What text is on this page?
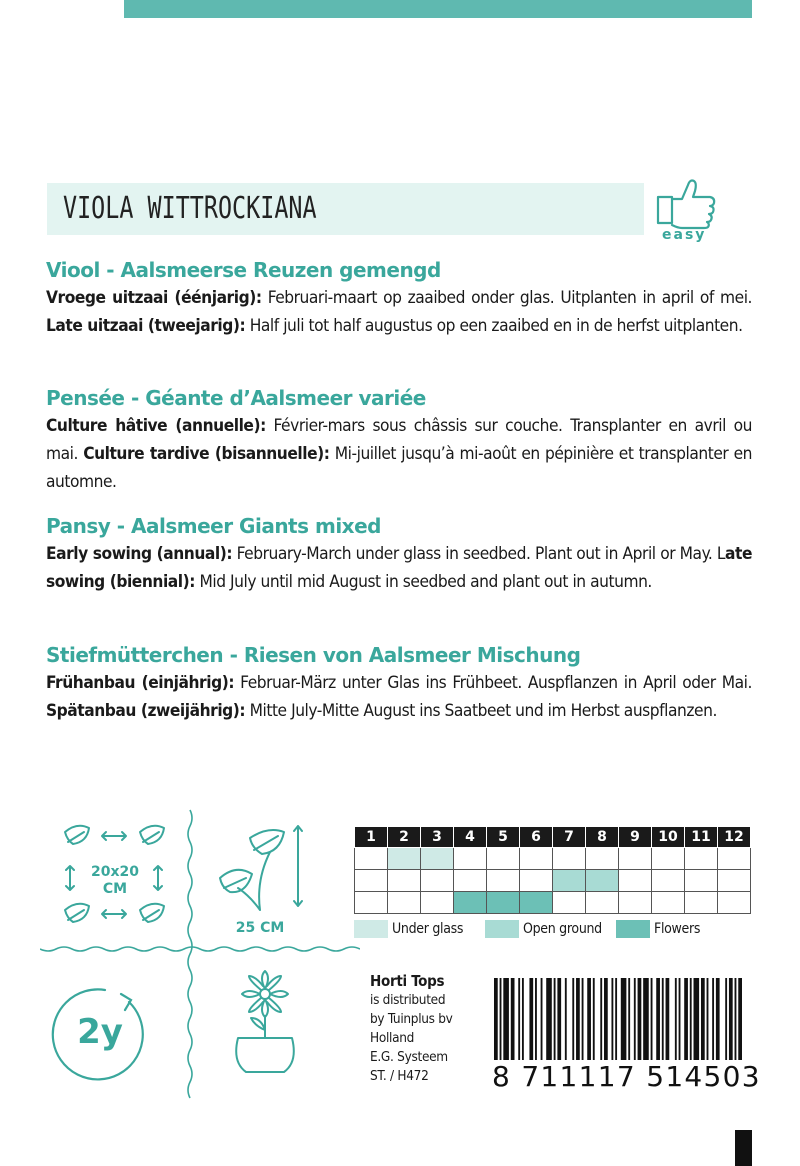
VIOLA WITTROCKIANA
easy
Viool - Aalsmeerse Reuzen gemengd

Vroege uitzaai (éénjarig): Februari-maart op zaaibed onder glas. Uitplanten in april of mei. Late uitzaai (tweejarig): Half juli tot half augustus op een zaaibed en in de herfst uitplanten.

Pensée - Géante d’Aalsmeer variée

Culture hâtive (annuelle): Février-mars sous châssis sur couche. Transplanter en avril ou mai. Culture tardive (bisannuelle): Mi-juillet jusqu’à mi-août en pépinière et transplanter en automne.

Pansy - Aalsmeer Giants mixed

Early sowing (annual): February-March under glass in seedbed. Plant out in April or May. Late sowing (biennial): Mid July until mid August in seedbed and plant out in autumn.

Stiefmütterchen - Riesen von Aalsmeer Mischung

Frühanbau (einjährig): Februar-März unter Glas ins Frühbeet. Auspflanzen in April oder Mai. Spätanbau (zweijährig): Mitte July-Mitte August ins Saatbeet und im Herbst auspflanzen.

20x20
CM
25 CM
2y
1	2	3	4	5	6	7	8	9	10	11	12

Under glass	Open ground	Flowers
Horti Tops
is distributed
by Tuinplus bv
Holland
E.G. Systeem
ST. / H472	8 711117 514503
